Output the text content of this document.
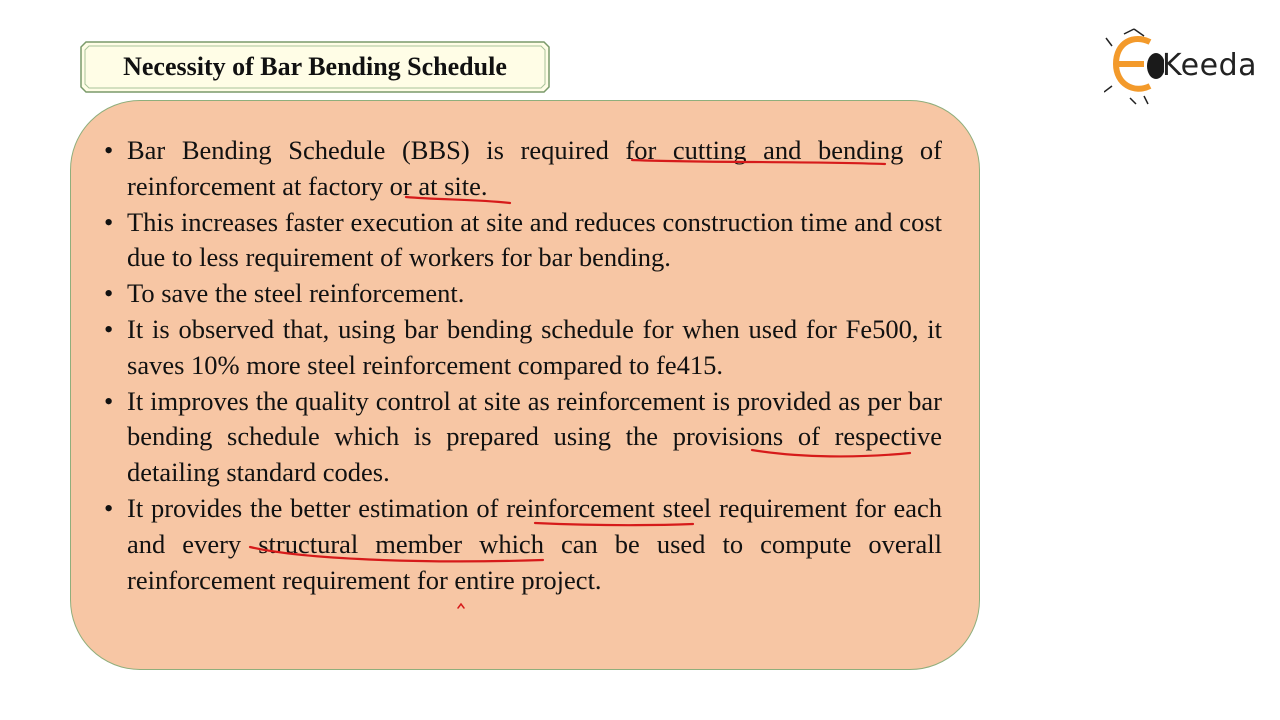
Necessity of Bar Bending Schedule	Keeda
• Bar Bending Schedule (BBS) is required for cutting and bending of reinforcement at factory or at site.
• This increases faster execution at site and reduces construction time and cost due to less requirement of workers for bar bending.
• To save the steel reinforcement.
• It is observed that, using bar bending schedule for when used for Fe500, it saves 10% more steel reinforcement compared to fe415.
• It improves the quality control at site as reinforcement is provided as per bar bending schedule which is prepared using the provisions of respective detailing standard codes.
• It provides the better estimation of reinforcement steel requirement for each and every structural member which can be used to compute overall reinforcement requirement for entire project.
